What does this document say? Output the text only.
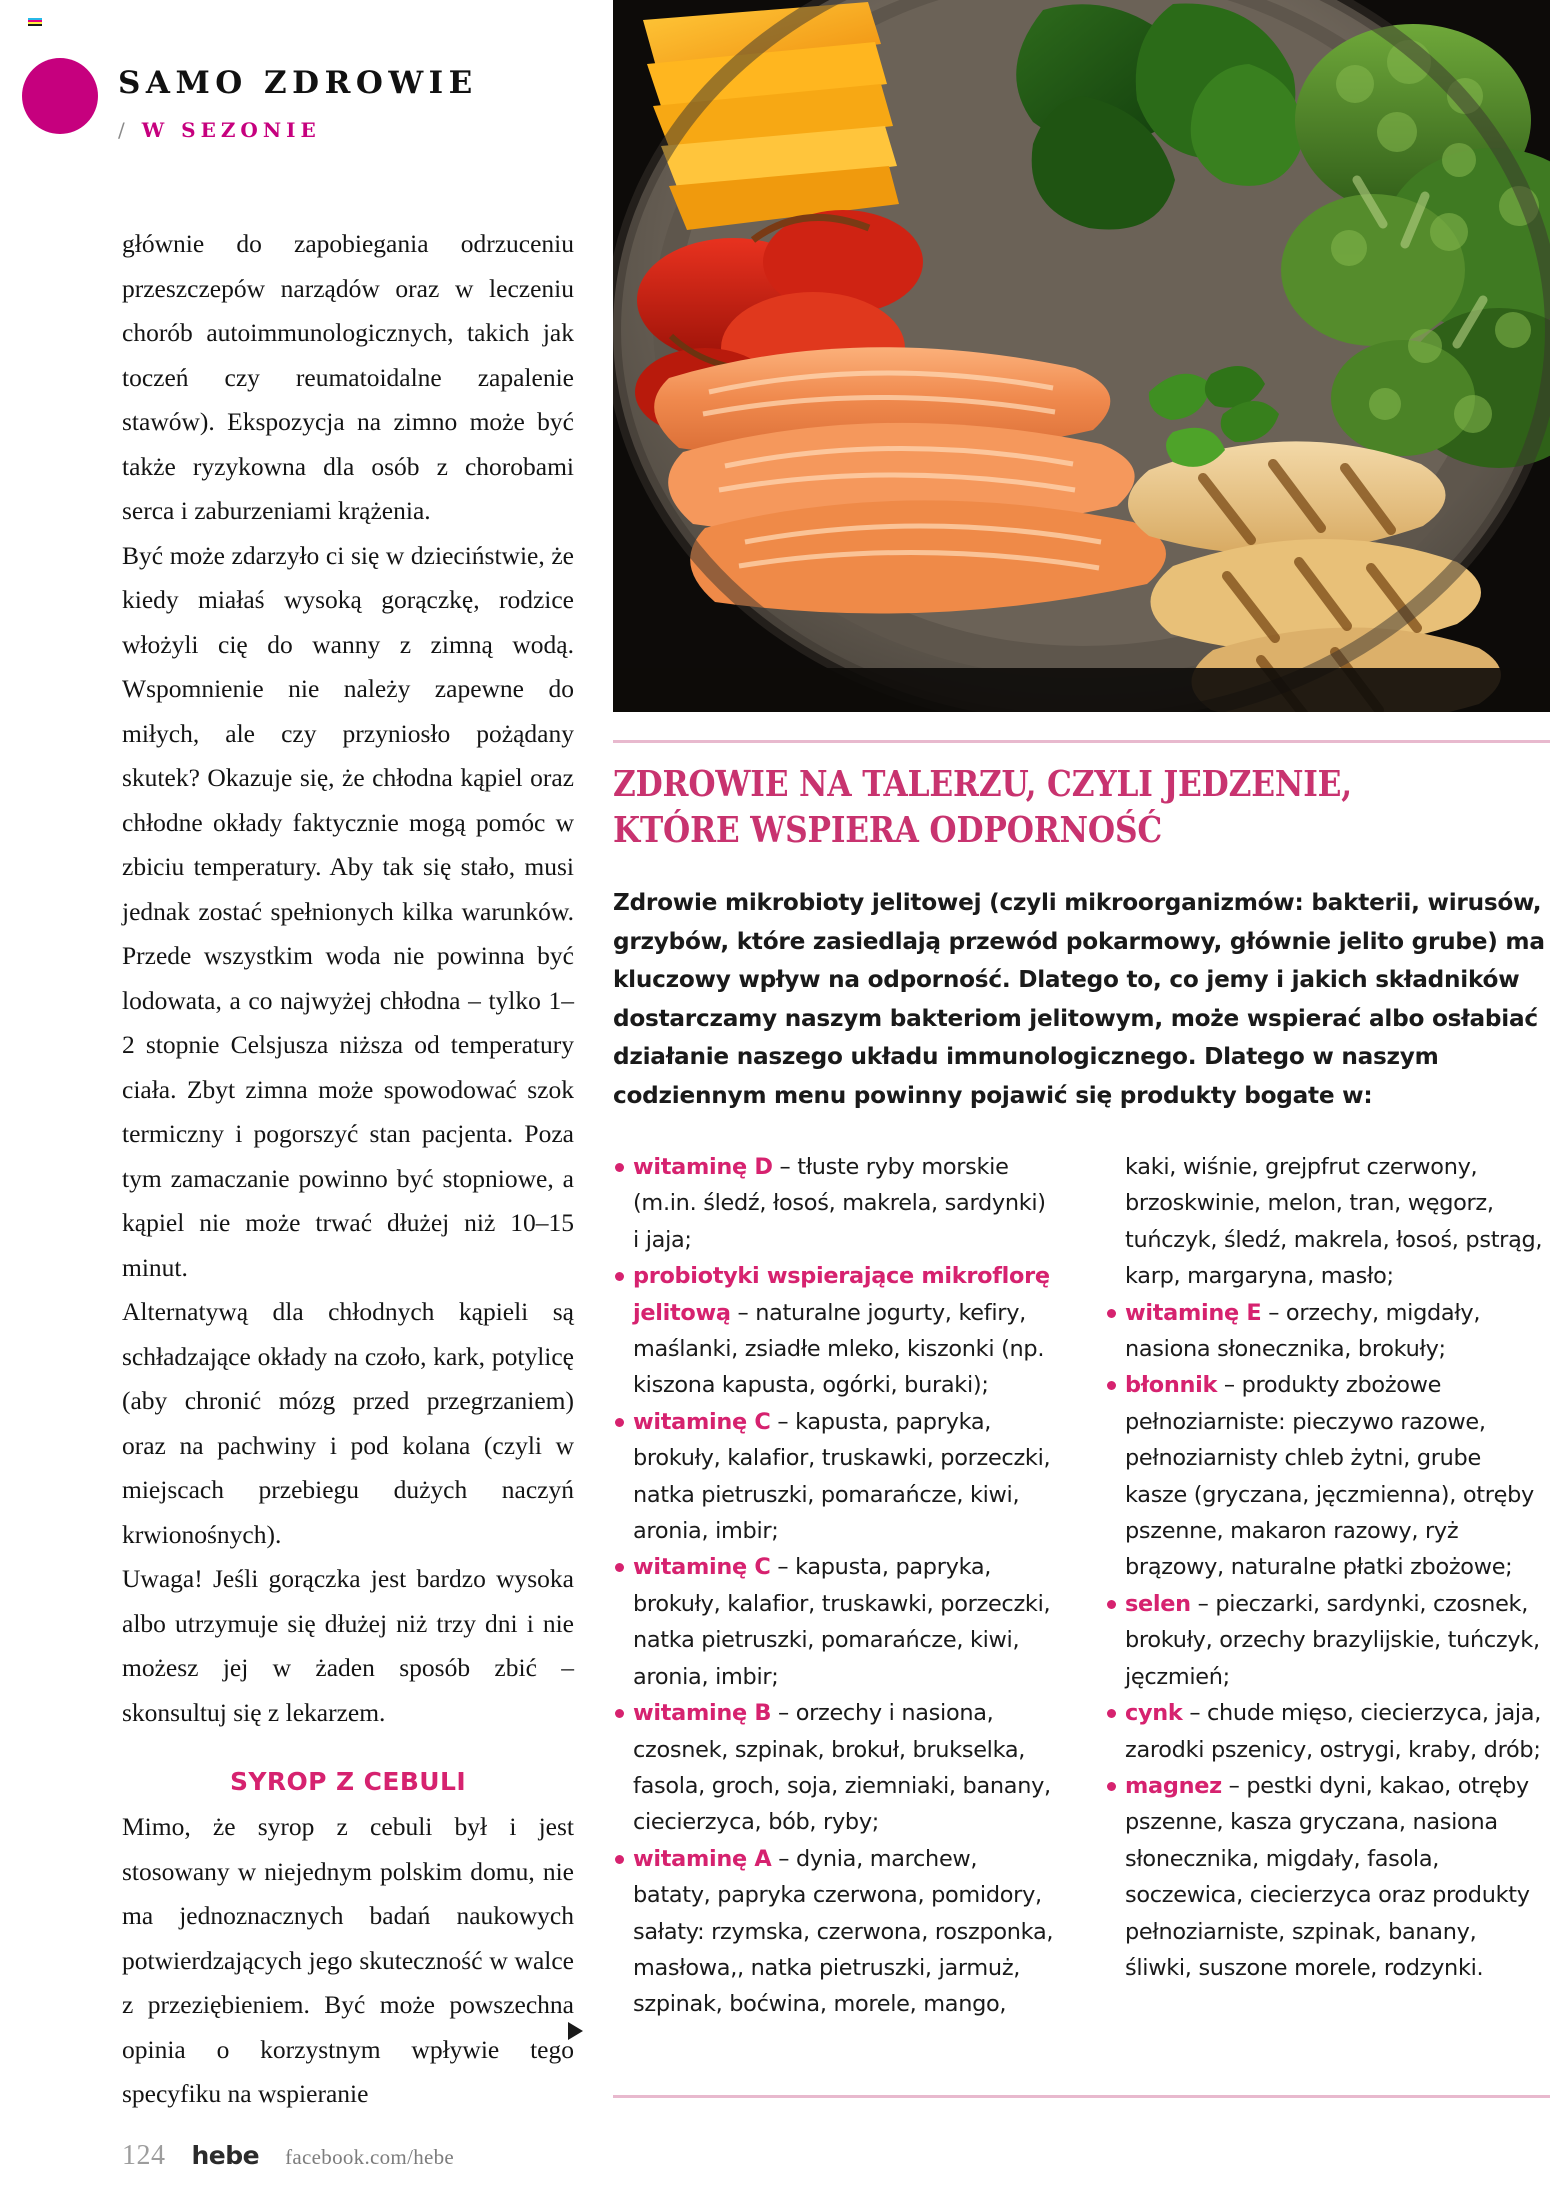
SAMO ZDROWIE
/ W SEZONIE

głównie do zapobiegania odrzuceniu przeszczepów narządów oraz w leczeniu chorób autoimmunologicznych, takich jak toczeń czy reumatoidalne zapalenie stawów). Ekspozycja na zimno może być także ryzykowna dla osób z chorobami serca i zaburzeniami krążenia.

Być może zdarzyło ci się w dzieciństwie, że kiedy miałaś wysoką gorączkę, rodzice włożyli cię do wanny z zimną wodą. Wspomnienie nie należy zapewne do miłych, ale czy przyniosło pożądany skutek? Okazuje się, że chłodna kąpiel oraz chłodne okłady faktycznie mogą pomóc w zbiciu temperatury. Aby tak się stało, musi jednak zostać spełnionych kilka warunków. Przede wszystkim woda nie powinna być lodowata, a co najwyżej chłodna – tylko 1–2 stopnie Celsjusza niższa od temperatury ciała. Zbyt zimna może spowodować szok termiczny i pogorszyć stan pacjenta. Poza tym zamaczanie powinno być stopniowe, a kąpiel nie może trwać dłużej niż 10–15 minut.

Alternatywą dla chłodnych kąpieli są schładzające okłady na czoło, kark, potylicę (aby chronić mózg przed przegrzaniem) oraz na pachwiny i pod kolana (czyli w miejscach przebiegu dużych naczyń krwionośnych).

Uwaga! Jeśli gorączka jest bardzo wysoka albo utrzymuje się dłużej niż trzy dni i nie możesz jej w żaden sposób zbić – skonsultuj się z lekarzem.

SYROP Z CEBULI

Mimo, że syrop z cebuli był i jest stosowany w niejednym polskim domu, nie ma jednoznacznych badań naukowych potwierdzających jego skuteczność w walce z przeziębieniem. Być może powszechna opinia o korzystnym wpływie tego specyfiku na wspieranie

ZDROWIE NA TALERZU, CZYLI JEDZENIE,
KTÓRE WSPIERA ODPORNOŚĆ
Zdrowie mikrobioty jelitowej (czyli mikroorganizmów: bakterii, wirusów, grzybów, które zasiedlają przewód pokarmowy, głównie jelito grube) ma kluczowy wpływ na odporność. Dlatego to, co jemy i jakich składników dostarczamy naszym bakteriom jelitowym, może wspierać albo osłabiać działanie naszego układu immunologicznego. Dlatego w naszym codziennym menu powinny pojawić się produkty bogate w:
witaminę D – tłuste ryby morskie (m.in. śledź, łosoś, makrela, sardynki) i jaja;
probiotyki wspierające mikroflorę jelitową – naturalne jogurty, kefiry, maślanki, zsiadłe mleko, kiszonki (np. kiszona kapusta, ogórki, buraki);
witaminę C – kapusta, papryka, brokuły, kalafior, truskawki, porzeczki, natka pietruszki, pomarańcze, kiwi, aronia, imbir;
witaminę C – kapusta, papryka, brokuły, kalafior, truskawki, porzeczki, natka pietruszki, pomarańcze, kiwi, aronia, imbir;
witaminę B – orzechy i nasiona, czosnek, szpinak, brokuł, brukselka, fasola, groch, soja, ziemniaki, banany, ciecierzyca, bób, ryby;
witaminę A – dynia, marchew, bataty, papryka czerwona, pomidory, sałaty: rzymska, czerwona, roszponka, masłowa,, natka pietruszki, jarmuż, szpinak, boćwina, morele, mango,
kaki, wiśnie, grejpfrut czerwony, brzoskwinie, melon, tran, węgorz, tuńczyk, śledź, makrela, łosoś, pstrąg, karp, margaryna, masło;
witaminę E – orzechy, migdały, nasiona słonecznika, brokuły;
błonnik – produkty zbożowe pełnoziarniste: pieczywo razowe, pełnoziarnisty chleb żytni, grube kasze (gryczana, jęczmienna), otręby pszenne, makaron razowy, ryż brązowy, naturalne płatki zbożowe;
selen – pieczarki, sardynki, czosnek, brokuły, orzechy brazylijskie, tuńczyk, jęczmień;
cynk – chude mięso, ciecierzyca, jaja, zarodki pszenicy, ostrygi, kraby, drób;
magnez – pestki dyni, kakao, otręby pszenne, kasza gryczana, nasiona słonecznika, migdały, fasola, soczewica, ciecierzyca oraz produkty pełnoziarniste, szpinak, banany, śliwki, suszone morele, rodzynki.
124 hebe facebook.com/hebe
